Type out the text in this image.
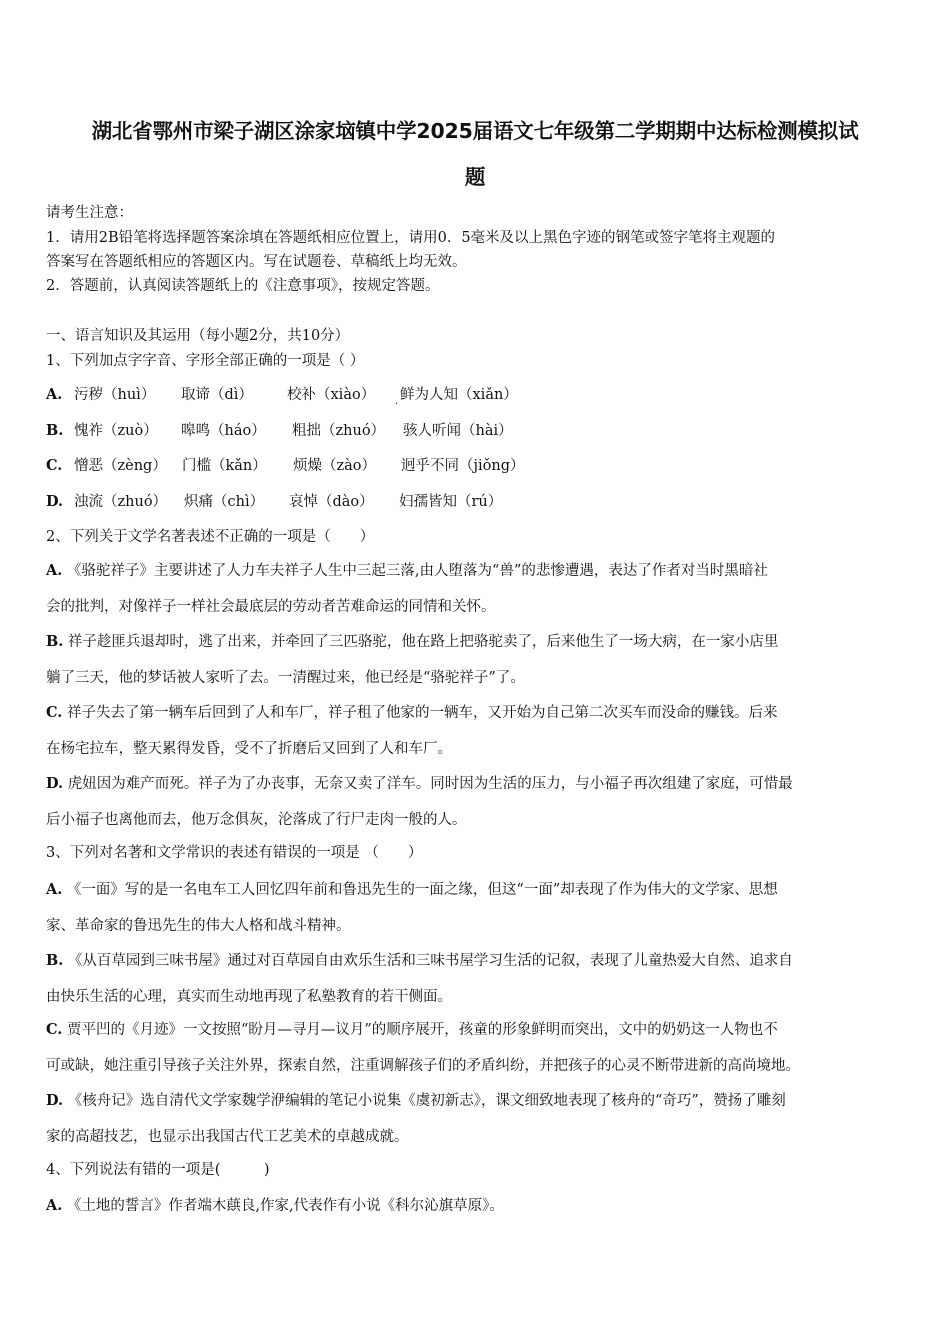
湖北省鄂州市梁子湖区涂家垴镇中学2025届语文七年级第二学期期中达标检测模拟试
题
请考生注意：
1．请用2B铅笔将选择题答案涂填在答题纸相应位置上，请用0．5毫米及以上黑色字迹的钢笔或签字笔将主观题的
答案写在答题纸相应的答题区内。写在试题卷、草稿纸上均无效。
2．答题前，认真阅读答题纸上的《注意事项》，按规定答题。
一、语言知识及其运用（每小题2分，共10分）
1、下列加点字字音、字形全部正确的一项是（ ）
A. 污秽（huì） 取谛（dì） 校补（xiào） 鲜为人知（xiǎn）
·
B. 愧祚（zuò） 嗥鸣（háo） 粗拙（zhuó） 骇人听闻（hài）
C. 憎恶（zèng） 门槛（kǎn） 烦燥（zào） 迥乎不同（jiǒng）
D. 浊流（zhuó） 炽痛（chì） 哀悼（dào） 妇孺皆知（rú）
2、下列关于文学名著表述不正确的一项是（　　）
A. 《骆驼祥子》主要讲述了人力车夫祥子人生中三起三落,由人堕落为“兽”的悲惨遭遇，表达了作者对当时黑暗社
会的批判，对像祥子一样社会最底层的劳动者苦难命运的同情和关怀。
B. 祥子趁匪兵退却时，逃了出来，并牵回了三匹骆驼，他在路上把骆驼卖了，后来他生了一场大病，在一家小店里
躺了三天，他的梦话被人家听了去。一清醒过来，他已经是“骆驼祥子”了。
C. 祥子失去了第一辆车后回到了人和车厂，祥子租了他家的一辆车，又开始为自己第二次买车而没命的赚钱。后来
在杨宅拉车，整天累得发昏，受不了折磨后又回到了人和车厂。
D. 虎妞因为难产而死。祥子为了办丧事，无奈又卖了洋车。同时因为生活的压力，与小福子再次组建了家庭，可惜最
后小福子也离他而去，他万念俱灰，沦落成了行尸走肉一般的人。
3、下列对名著和文学常识的表述有错误的一项是 （　　）
A. 《一面》写的是一名电车工人回忆四年前和鲁迅先生的一面之缘，但这“一面”却表现了作为伟大的文学家、思想
家、革命家的鲁迅先生的伟大人格和战斗精神。
B. 《从百草园到三味书屋》通过对百草园自由欢乐生活和三味书屋学习生活的记叙，表现了儿童热爱大自然、追求自
由快乐生活的心理，真实而生动地再现了私塾教育的若干侧面。
C. 贾平凹的《月迹》一文按照“盼月—寻月—议月”的顺序展开，孩童的形象鲜明而突出，文中的奶奶这一人物也不
可或缺，她注重引导孩子关注外界，探索自然，注重调解孩子们的矛盾纠纷，并把孩子的心灵不断带进新的高尚境地。
D. 《核舟记》选自清代文学家魏学洢编辑的笔记小说集《虞初新志》，课文细致地表现了核舟的“奇巧”，赞扬了雕刻
家的高超技艺，也显示出我国古代工艺美术的卓越成就。
4、下列说法有错的一项是(　　　)
A. 《土地的誓言》作者端木蕻良,作家,代表作有小说《科尔沁旗草原》。
